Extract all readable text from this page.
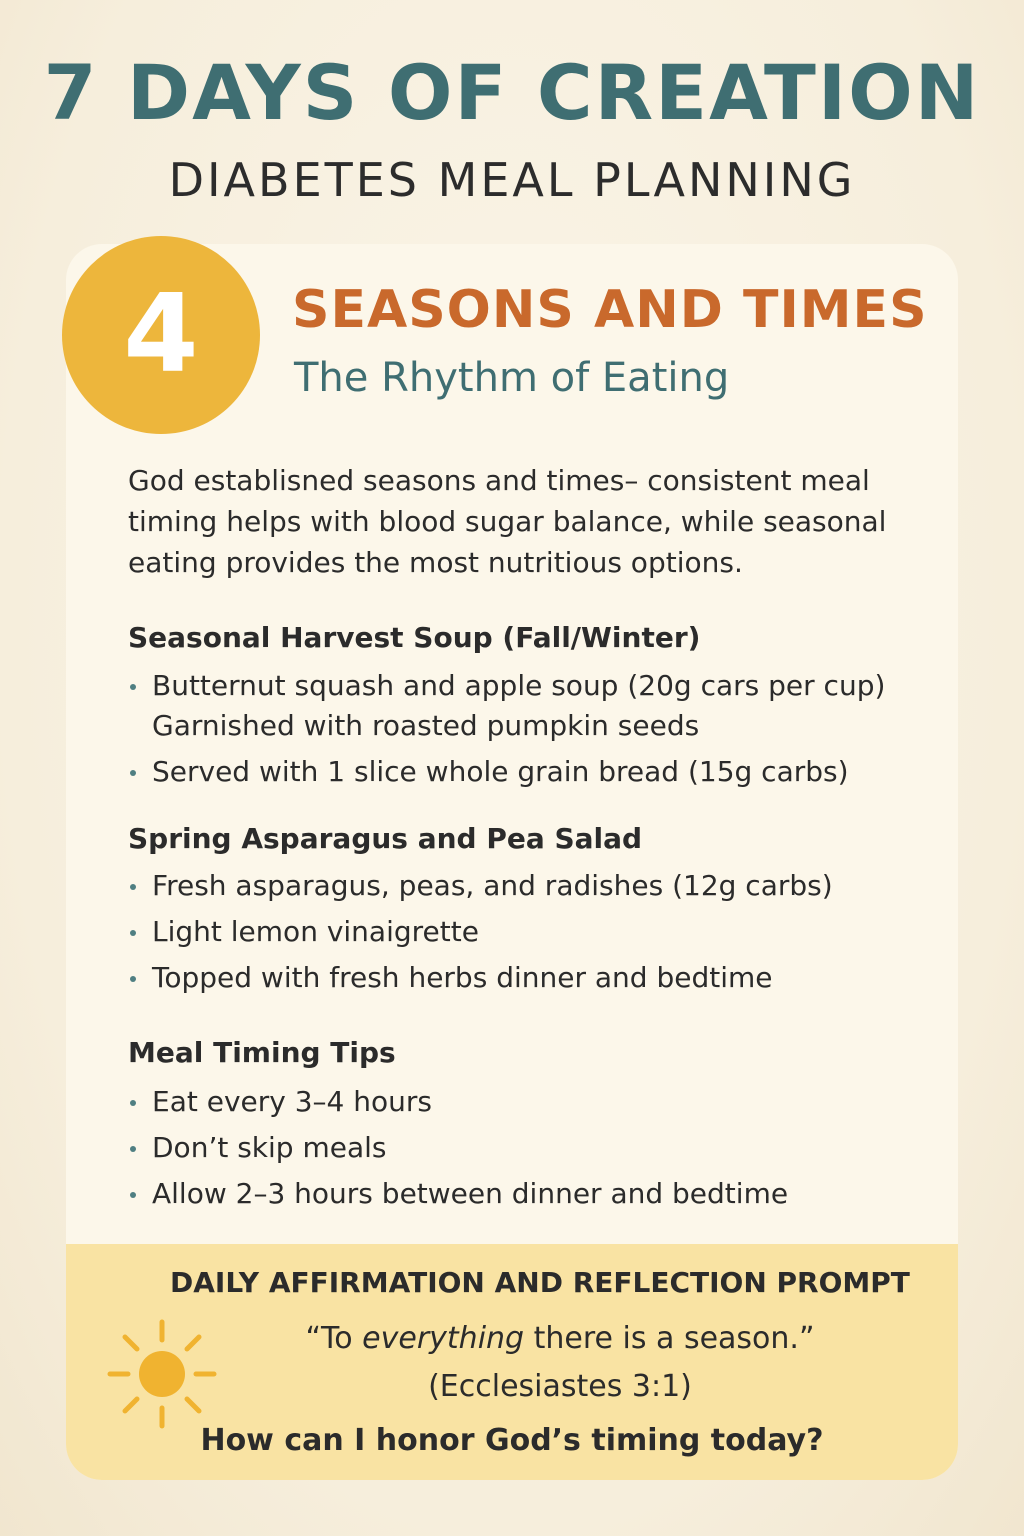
7 DAYS OF CREATION
DIABETES MEAL PLANNING
4 SEASONS AND TIMES
The Rhythm of Eating
God establisned seasons and times– consistent meal timing helps with blood sugar balance, while seasonal eating provides the most nutritious options.
Seasonal Harvest Soup (Fall/Winter)
Butternut squash and apple soup (20g cars per cup) Garnished with roasted pumpkin seeds
Served with 1 slice whole grain bread (15g carbs)
Spring Asparagus and Pea Salad
Fresh asparagus, peas, and radishes (12g carbs)
Light lemon vinaigrette
Topped with fresh herbs dinner and bedtime
Meal Timing Tips
Eat every 3–4 hours
Don’t skip meals
Allow 2–3 hours between dinner and bedtime
DAILY AFFIRMATION AND REFLECTION PROMPT
“To everything there is a season.”
(Ecclesiastes 3:1)
How can I honor God’s timing today?
